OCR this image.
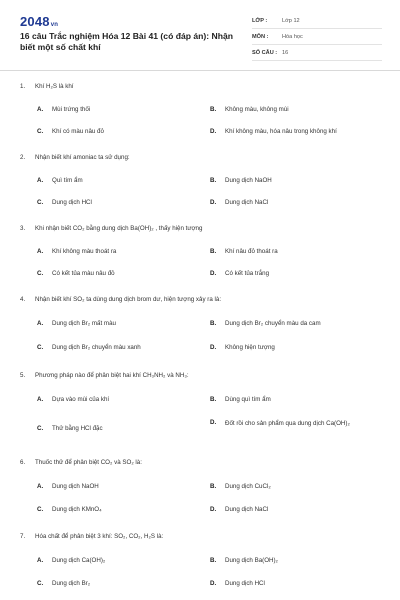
2048vn
16 câu Trắc nghiệm Hóa 12 Bài 41 (có đáp án): Nhận biết một số chất khí
LỚP :	Lớp 12
MÔN :	Hóa học
SỐ CÂU : 16
1. Khí H₂S là khí
A. Mùi trứng thối	B. Không màu, không mùi
C. Khí có màu nâu đỏ	D. Khí không màu, hóa nâu trong không khí
2. Nhận biết khí amoniac ta sử dụng:
A. Quì tím ẩm	B. Dung dịch NaOH
C. Dung dịch HCl	D. Dung dịch NaCl
3. Khi nhận biết CO₂ bằng dung dịch Ba(OH)₂ , thấy hiện tượng
A. Khí không màu thoát ra	B. Khí nâu đỏ thoát ra
C. Có kết tủa màu nâu đỏ	D. Có kết tủa trắng
4. Nhận biết khí SO₂ ta dùng dung dịch brom dư, hiện tượng xảy ra là:
A. Dung dịch Br₂ mất màu	B. Dung dịch Br₂ chuyển màu da cam
C. Dung dịch Br₂ chuyển màu xanh	D. Không hiện tượng
5. Phương pháp nào để phân biệt hai khí CH₃NH₂ và NH₃:
A. Dựa vào mùi của khí	B. Dùng quì tím ẩm
C. Thử bằng HCl đặc
D. Đốt rồi cho sản phẩm qua dung dịch Ca(OH)₂
6. Thuốc thử để phân biệt CO₂ và SO₂ là:
A. Dung dịch NaOH	B. Dung dịch CuCl₂
C. Dung dịch KMnO₄	D. Dung dịch NaCl
7. Hóa chất để phân biệt 3 khí: SO₂, CO₂, H₂S là:
A. Dung dịch Ca(OH)₂	B. Dung dịch Ba(OH)₂
C. Dung dịch Br₂	D. Dung dịch HCl
